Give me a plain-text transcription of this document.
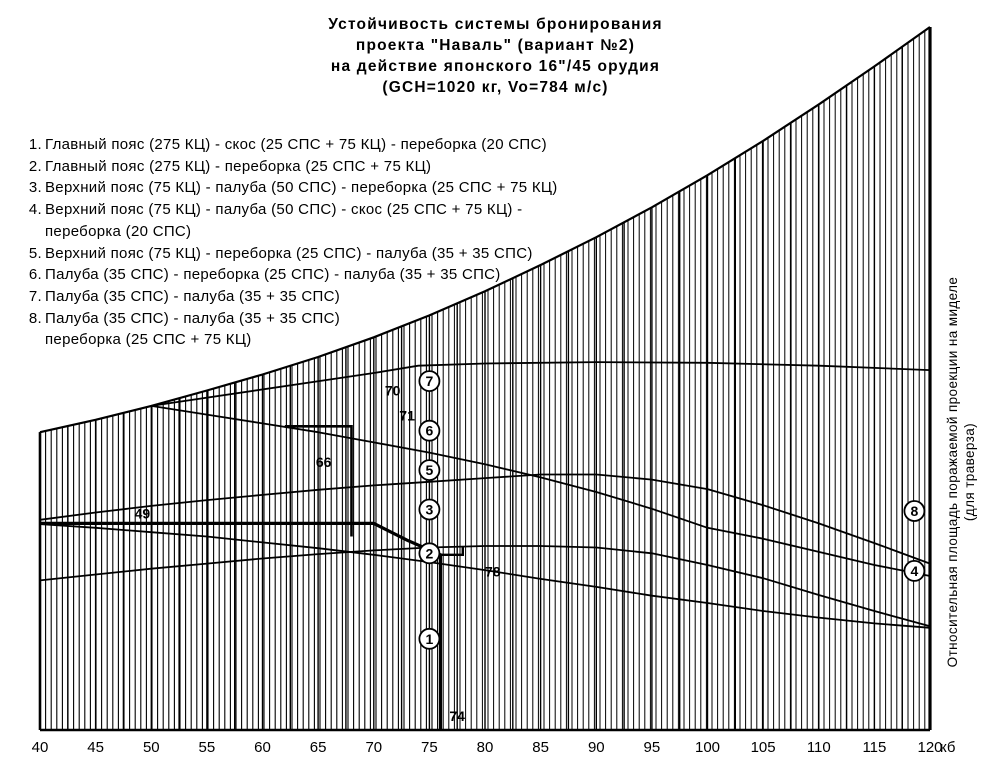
Устойчивость системы бронирования
проекта "Наваль" (вариант №2)
на действие японского 16"/45 орудия
(GCH=1020 кг, Vo=784 м/с)
1. Главный пояс (275 КЦ) - скос (25 СПС + 75 КЦ) - переборка (20 СПС)
2. Главный пояс (275 КЦ) - переборка (25 СПС + 75 КЦ)
3. Верхний пояс (75 КЦ) - палуба (50 СПС) - переборка (25 СПС + 75 КЦ)
4. Верхний пояс (75 КЦ) - палуба (50 СПС) - скос (25 СПС + 75 КЦ) -
переборка (20 СПС)
5. Верхний пояс (75 КЦ) - переборка (25 СПС) - палуба (35 + 35 СПС)
6. Палуба (35 СПС) - переборка (25 СПС) - палуба (35 + 35 СПС)
7. Палуба (35 СПС) - палуба (35 + 35 СПС)
8. Палуба (35 СПС) - палуба (35 + 35 СПС)
переборка (25 СПС + 75 КЦ)
1
2
3
4
5
6
7
8
49
66
70
71
74
78
40	45	50	55	60	65	70	75	80	85	90	95 100 105 110 115 120
кб
Относительная площадь поражаемой проекции на миделе (для траверза)
